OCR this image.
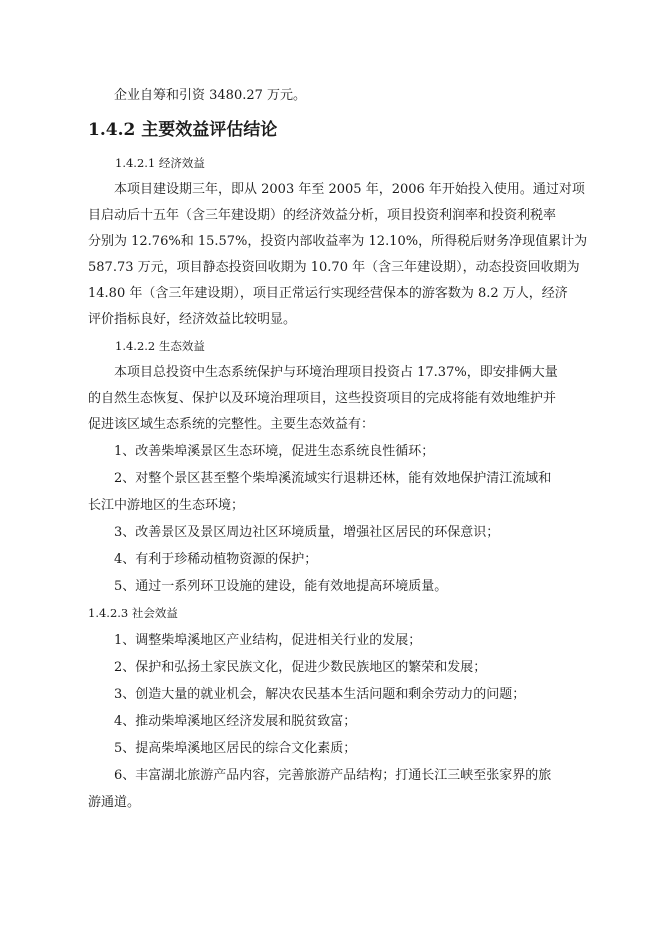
企业自筹和引资 3480.27 万元。
1.4.2 主要效益评估结论
1.4.2.1 经济效益
本项目建设期三年，即从 2003 年至 2005 年，2006 年开始投入使用。通过对项
目启动后十五年（含三年建设期）的经济效益分析，项目投资利润率和投资利税率
分别为 12.76%和 15.57%，投资内部收益率为 12.10%，所得税后财务净现值累计为
587.73 万元，项目静态投资回收期为 10.70 年（含三年建设期），动态投资回收期为
14.80 年（含三年建设期），项目正常运行实现经营保本的游客数为 8.2 万人，经济
评价指标良好，经济效益比较明显。
1.4.2.2 生态效益
本项目总投资中生态系统保护与环境治理项目投资占 17.37%，即安排俩大量
的自然生态恢复、保护以及环境治理项目，这些投资项目的完成将能有效地维护并
促进该区域生态系统的完整性。主要生态效益有：
1、改善柴埠溪景区生态环境，促进生态系统良性循环；
2、对整个景区甚至整个柴埠溪流域实行退耕还林，能有效地保护清江流域和
长江中游地区的生态环境；
3、改善景区及景区周边社区环境质量，增强社区居民的环保意识；
4、有利于珍稀动植物资源的保护；
5、通过一系列环卫设施的建设，能有效地提高环境质量。
1.4.2.3 社会效益
1、调整柴埠溪地区产业结构，促进相关行业的发展；
2、保护和弘扬土家民族文化，促进少数民族地区的繁荣和发展；
3、创造大量的就业机会，解决农民基本生活问题和剩余劳动力的问题；
4、推动柴埠溪地区经济发展和脱贫致富；
5、提高柴埠溪地区居民的综合文化素质；
6、丰富湖北旅游产品内容，完善旅游产品结构；打通长江三峡至张家界的旅
游通道。
